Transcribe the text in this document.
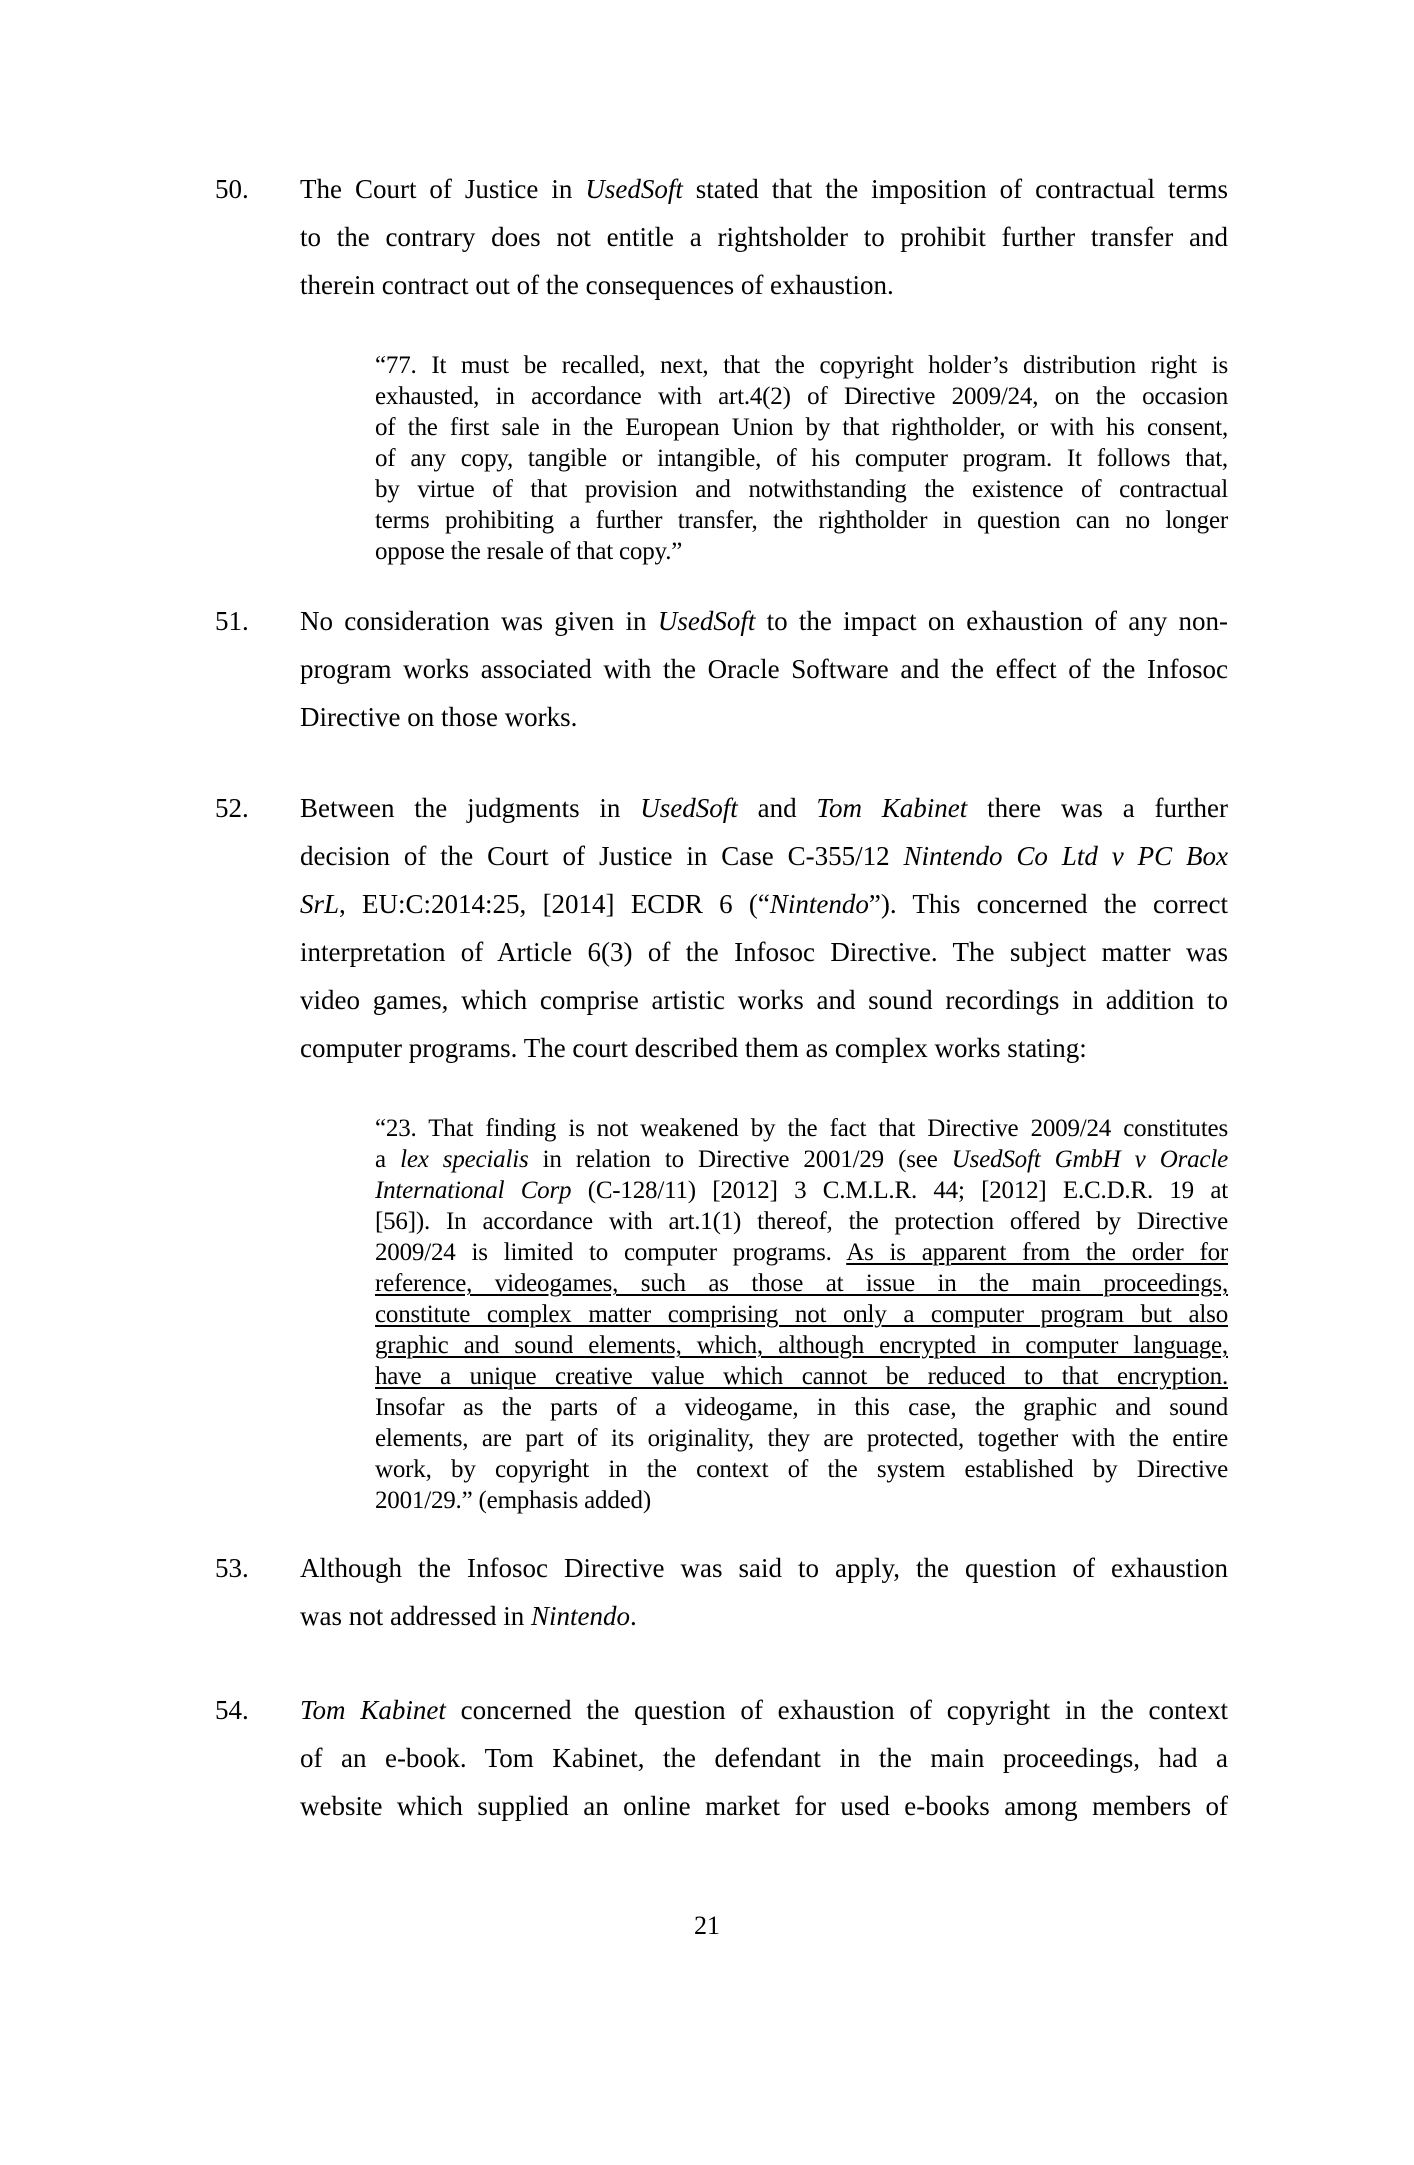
50.	The Court of Justice in UsedSoft stated that the imposition of contractual terms
to the contrary does not entitle a rightsholder to prohibit further transfer and
therein contract out of the consequences of exhaustion.
“77. It must be recalled, next, that the copyright holder’s distribution right is
exhausted, in accordance with art.4(2) of Directive 2009/24, on the occasion
of the first sale in the European Union by that rightholder, or with his consent,
of any copy, tangible or intangible, of his computer program. It follows that,
by virtue of that provision and notwithstanding the existence of contractual
terms prohibiting a further transfer, the rightholder in question can no longer
oppose the resale of that copy.”
51.	No consideration was given in UsedSoft to the impact on exhaustion of any non-
program works associated with the Oracle Software and the effect of the Infosoc
Directive on those works.
52.	Between the judgments in UsedSoft and Tom Kabinet there was a further
decision of the Court of Justice in Case C-355/12 Nintendo Co Ltd v PC Box
SrL, EU:C:2014:25, [2014] ECDR 6 (“Nintendo”). This concerned the correct
interpretation of Article 6(3) of the Infosoc Directive. The subject matter was
video games, which comprise artistic works and sound recordings in addition to
computer programs. The court described them as complex works stating:
“23. That finding is not weakened by the fact that Directive 2009/24 constitutes
a lex specialis in relation to Directive 2001/29 (see UsedSoft GmbH v Oracle
International Corp (C-128/11) [2012] 3 C.M.L.R. 44; [2012] E.C.D.R. 19 at
[56]). In accordance with art.1(1) thereof, the protection offered by Directive
2009/24 is limited to computer programs. As is apparent from the order for
reference, videogames, such as those at issue in the main proceedings,
constitute complex matter comprising not only a computer program but also
graphic and sound elements, which, although encrypted in computer language,
have a unique creative value which cannot be reduced to that encryption.
Insofar as the parts of a videogame, in this case, the graphic and sound
elements, are part of its originality, they are protected, together with the entire
work, by copyright in the context of the system established by Directive
2001/29.” (emphasis added)
53.	Although the Infosoc Directive was said to apply, the question of exhaustion
was not addressed in Nintendo.
54.	Tom Kabinet concerned the question of exhaustion of copyright in the context
of an e-book. Tom Kabinet, the defendant in the main proceedings, had a
website which supplied an online market for used e-books among members of
21
